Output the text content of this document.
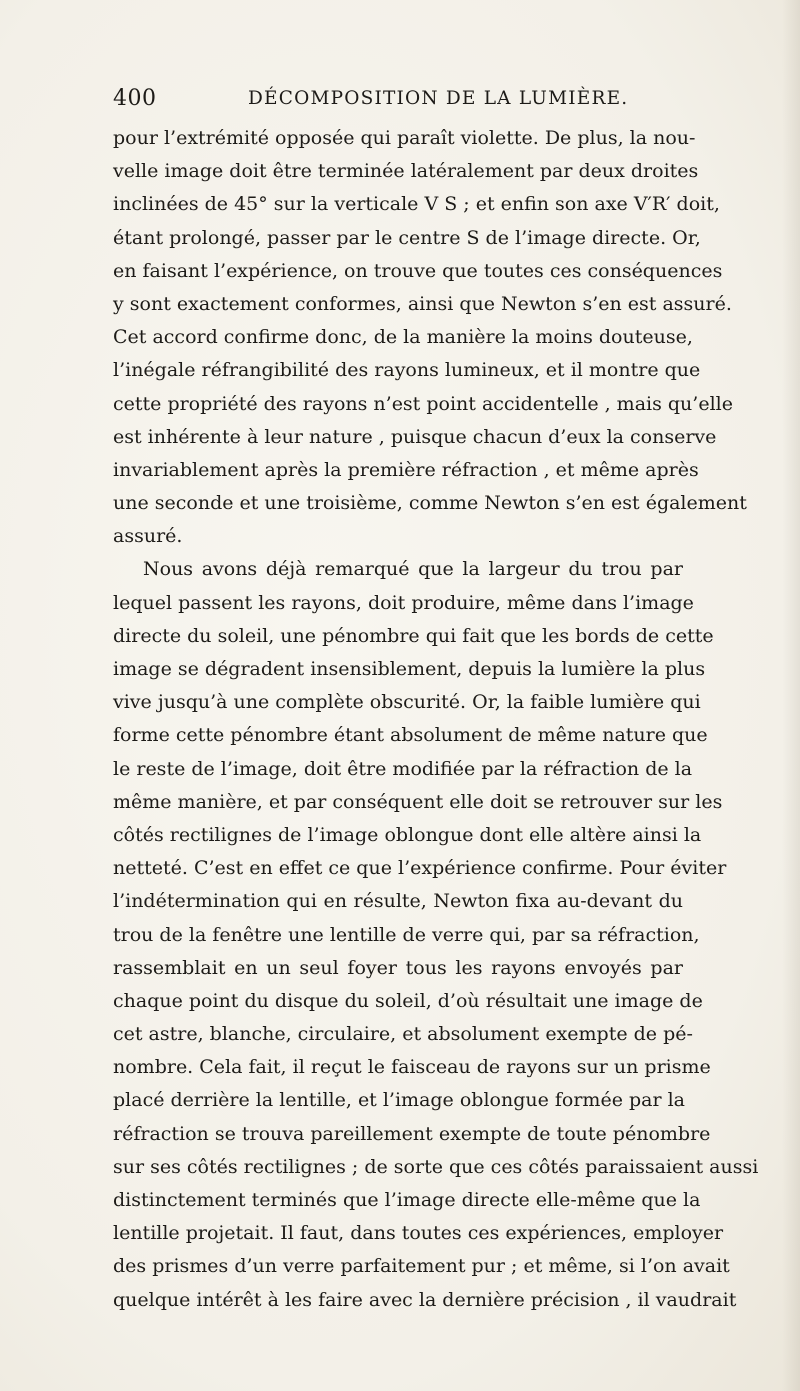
400	DÉCOMPOSITION DE LA LUMIÈRE.
pour l’extrémité opposée qui paraît violette. De plus, la nou-
velle image doit être terminée latéralement par deux droites
inclinées de 45° sur la verticale V S ; et enfin son axe V′R′ doit,
étant prolongé, passer par le centre S de l’image directe. Or,
en faisant l’expérience, on trouve que toutes ces conséquences
y sont exactement conformes, ainsi que Newton s’en est assuré.
Cet accord confirme donc, de la manière la moins douteuse,
l’inégale réfrangibilité des rayons lumineux, et il montre que
cette propriété des rayons n’est point accidentelle , mais qu’elle
est inhérente à leur nature , puisque chacun d’eux la conserve
invariablement après la première réfraction , et même après
une seconde et une troisième, comme Newton s’en est également
assuré.
Nous avons déjà remarqué que la largeur du trou par
lequel passent les rayons, doit produire, même dans l’image
directe du soleil, une pénombre qui fait que les bords de cette
image se dégradent insensiblement, depuis la lumière la plus
vive jusqu’à une complète obscurité. Or, la faible lumière qui
forme cette pénombre étant absolument de même nature que
le reste de l’image, doit être modifiée par la réfraction de la
même manière, et par conséquent elle doit se retrouver sur les
côtés rectilignes de l’image oblongue dont elle altère ainsi la
netteté. C’est en effet ce que l’expérience confirme. Pour éviter
l’indétermination qui en résulte, Newton fixa au-devant du
trou de la fenêtre une lentille de verre qui, par sa réfraction,
rassemblait en un seul foyer tous les rayons envoyés par
chaque point du disque du soleil, d’où résultait une image de
cet astre, blanche, circulaire, et absolument exempte de pé-
nombre. Cela fait, il reçut le faisceau de rayons sur un prisme
placé derrière la lentille, et l’image oblongue formée par la
réfraction se trouva pareillement exempte de toute pénombre
sur ses côtés rectilignes ; de sorte que ces côtés paraissaient aussi
distinctement terminés que l’image directe elle-même que la
lentille projetait. Il faut, dans toutes ces expériences, employer
des prismes d’un verre parfaitement pur ; et même, si l’on avait
quelque intérêt à les faire avec la dernière précision , il vaudrait
